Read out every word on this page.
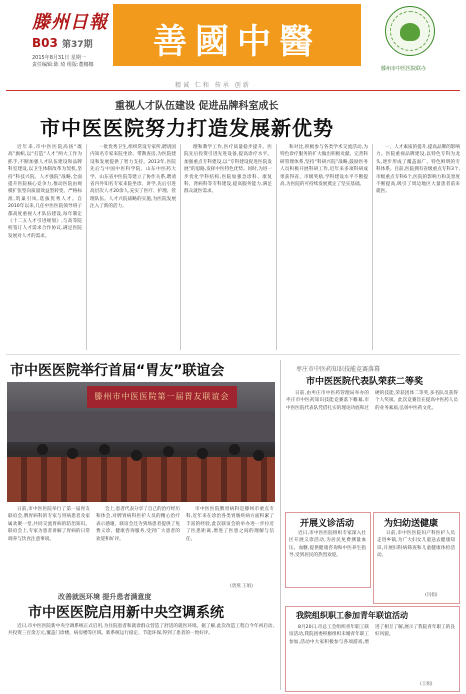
滕州日報
B03 第37期
2015年8月31日 星期一
责任编辑:陈 琦 组版:董娜娜
善國中醫
滕州市中医医院联办
精诚 仁和 传承 创新
重视人才队伍建设 促进品牌科室成长
市中医医院努力打造发展新优势

近年来,市中医医院高扬“既高”旗帜,以“打造“人才”两大工作为抓手,不断加强人才队伍建设和品牌科室建设,以卫生体制改革为契机,坚持“科技兴院、人才强院”战略,全面提升医院核心竞争力,推动医院由规模扩张型向质量效益型转变。严格标准,筑巢引凤,选拔优秀人才。自2010年以来,几任中医医院领导班子都高度重视人才队伍建设,每年制定《十二五人才引进规划》,与高等院校签订人才需求合作协议,满足医院发展对人才的需求。

一批优秀卫生,组织常设专家所,聘请国内知名专家来院坐诊、带教查房,为医院建设和发展提供了智力支持。2013年,医院先后与中国中医科学院、山东中医药大学、山东省中医院等建立了协作关系,聘请省内外知名专家来院坐诊、讲学,先后引进高层次人才20余人,充实了医疗、护理、管理队伍。人才兴院战略的实施,为医院发展注入了新的活力。

理和教学工作,医疗质量稳步提升。医院先后投资引进先进设备,提高诊疗水平。加强重点专科建设,以“专科建设促进医院发展”的思路,发挥中医特色优势。同时,为进一步优化学科结构,医院加强急诊科、康复科、肾病科等专科建设,提高服务能力,满足群众就医需求。

和对比,积极参与各类学术交流活动,为特色诊疗服务的扩大做出积极贡献。完善科研管理体系,坚持“科研兴院”战略,鼓励医务人员积极开展科研工作,近年来多项科研成果获得省、市级奖励,学科建设水平不断提高,为医院的可持续发展奠定了坚实基础。

一、人才素质的提升,提高品牌的影响力。医院重视品牌建设,以特色专科为龙头,逐步形成了覆盖面广、特色鲜明的专科体系。目前,医院拥有省级重点专科3个,市级重点专科6个,医院的影响力和美誉度不断提高,吸引了周边地区大量患者前来就医。

市中医医院举行首届“胃友”联谊会
滕州市中医医院第一届胃友联谊会

日前,市中医医院举行了第一届胃友联谊会,脾胃病科的专家与胃病患者及家属欢聚一堂,共同交流胃病的防治知识。联谊会上,专家为患者讲解了胃病的日常调养与饮食注意事项。

会上,患者代表分享了自己的治疗经历和体会,对脾胃病科医护人员的精心治疗表示感谢。联谊会还为到场患者提供了免费义诊、健康咨询服务,受到广大患者的欢迎和好评。

市中医医院脾胃病科是滕州市重点专科,近年来在诊治各类胃肠疾病方面积累了丰富的经验,此次联谊会的举办进一步拉近了医患距离,增进了医患之间的理解与信任。

(唐燕 王娟)
改善就医环境 提升患者满意度
市中医医院启用新中央空调系统

近日,市中医医院新中央空调系统正式启用,为住院患者和就诊群众营造了舒适的就医环境。据了解,此次改造工程自今年初启动,共投资三百余万元,覆盖门诊楼、病房楼等区域。新系统运行稳定、节能环保,得到了患者的一致好评。

枣庄市中医药知识技能竞赛落幕
市中医医院代表队荣获二等奖

日前,由枣庄市中医药管理局举办的枣庄市中医药知识技能竞赛落下帷幕,市中医医院代表队凭借扎实的理论功底和过硬的技能,荣获团体二等奖,多名队员获得个人奖项。此次竞赛旨在提高中医药人员的业务素质,弘扬中医药文化。

开展义诊活动

近日,市中医医院组织专家深入社区开展义诊活动,为居民免费测量血压、血糖,提供健康咨询和中医养生指导,受到居民的热烈欢迎。

为妇幼送健康

日前,市中医医院妇产科医护人员走进乡镇,为广大妇女儿童送去健康知识,开展妇科病筛查和儿童健康体检活动。

(闫娟)
我院组织职工参加青年联谊活动

8月20日,市总工会组织青年职工联谊活动,我院团委积极组织未婚青年职工参加,活动中大家积极参与各项游戏,增进了相互了解,展示了我院青年职工的良好风貌。

(王娟)
